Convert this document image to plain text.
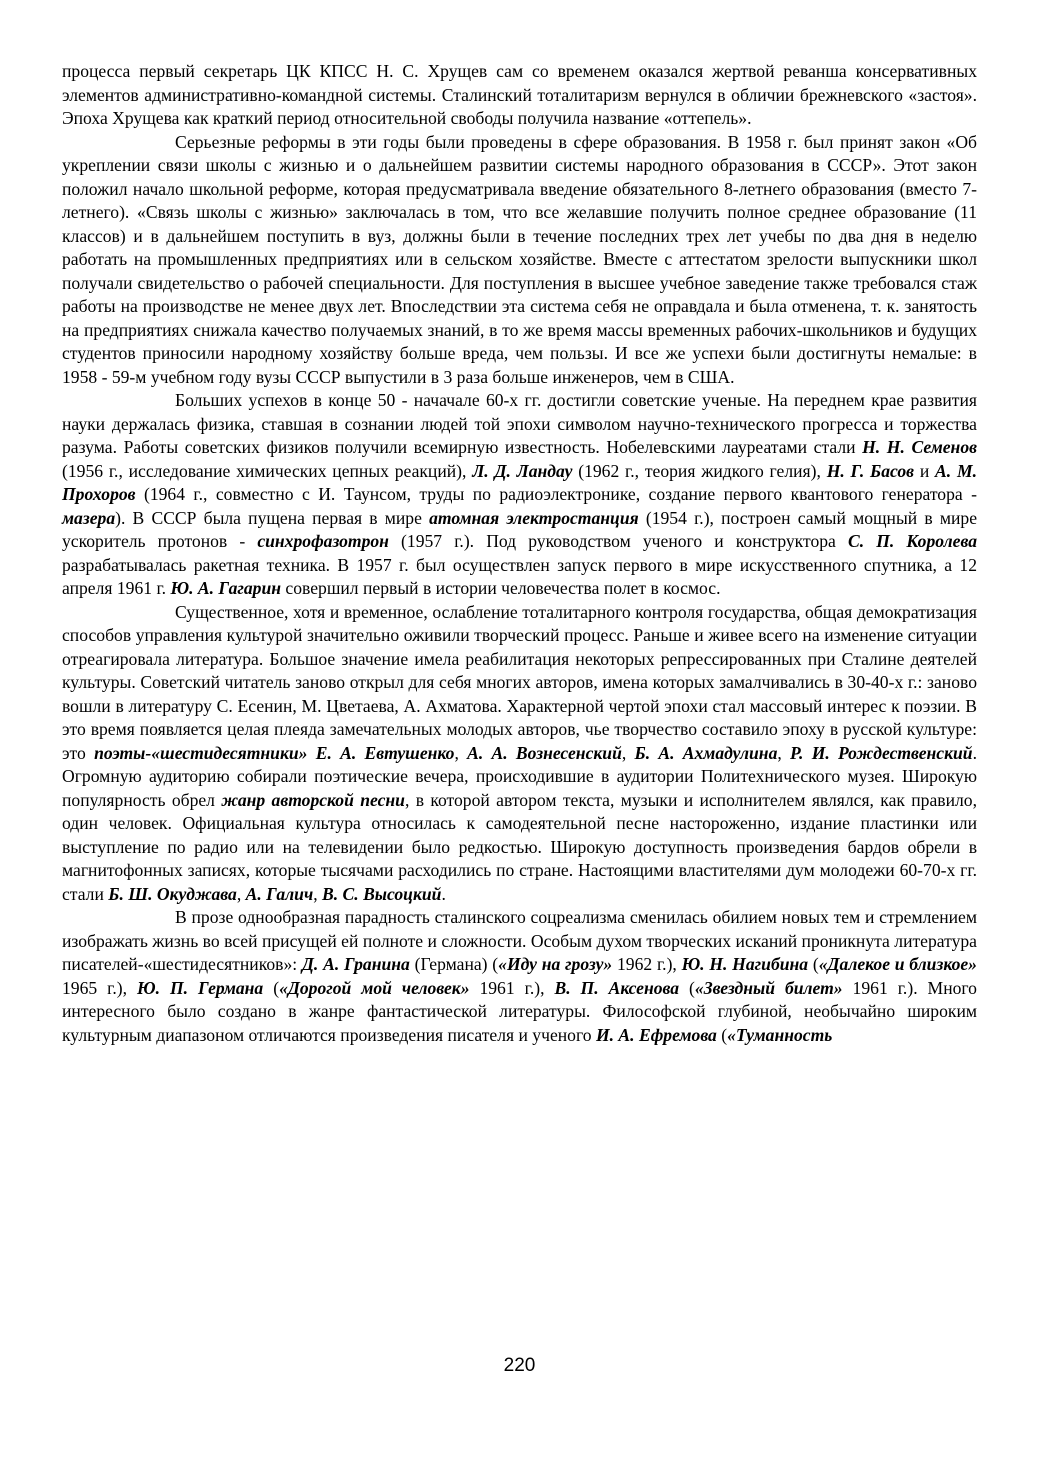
процесса первый секретарь ЦК КПСС Н. С. Хрущев сам со временем оказался жертвой реванша консервативных элементов административно-командной системы. Сталинский тоталитаризм вернулся в обличии брежневского «застоя». Эпоха Хрущева как краткий период относительной свободы получила название «оттепель».

Серьезные реформы в эти годы были проведены в сфере образования. В 1958 г. был принят закон «Об укреплении связи школы с жизнью и о дальнейшем развитии системы народного образования в СССР». Этот закон положил начало школьной реформе, которая предусматривала введение обязательного 8-летнего образования (вместо 7-летнего). «Связь школы с жизнью» заключалась в том, что все желавшие получить полное среднее образование (11 классов) и в дальнейшем поступить в вуз, должны были в течение последних трех лет учебы по два дня в неделю работать на промышленных предприятиях или в сельском хозяйстве. Вместе с аттестатом зрелости выпускники школ получали свидетельство о рабочей специальности. Для поступления в высшее учебное заведение также требовался стаж работы на производстве не менее двух лет. Впоследствии эта система себя не оправдала и была отменена, т. к. занятость на предприятиях снижала качество получаемых знаний, в то же время массы временных рабочих-школьников и будущих студентов приносили народному хозяйству больше вреда, чем пользы. И все же успехи были достигнуты немалые: в 1958 - 59-м учебном году вузы СССР выпустили в 3 раза больше инженеров, чем в США.

Больших успехов в конце 50 - начачале 60-х гг. достигли советские ученые. На переднем крае развития науки держалась физика, ставшая в сознании людей той эпохи символом научно-технического прогресса и торжества разума. Работы советских физиков получили всемирную известность. Нобелевскими лауреатами стали Н. Н. Семенов (1956 г., исследование химических цепных реакций), Л. Д. Ландау (1962 г., теория жидкого гелия), Н. Г. Басов и А. М. Прохоров (1964 г., совместно с И. Таунсом, труды по радиоэлектронике, создание первого квантового генератора - мазера). В СССР была пущена первая в мире атомная электростанция (1954 г.), построен самый мощный в мире ускоритель протонов - синхрофазотрон (1957 г.). Под руководством ученого и конструктора С. П. Королева разрабатывалась ракетная техника. В 1957 г. был осуществлен запуск первого в мире искусственного спутника, а 12 апреля 1961 г. Ю. А. Гагарин совершил первый в истории человечества полет в космос.

Существенное, хотя и временное, ослабление тоталитарного контроля государства, общая демократизация способов управления культурой значительно оживили творческий процесс. Раньше и живее всего на изменение ситуации отреагировала литература. Большое значение имела реабилитация некоторых репрессированных при Сталине деятелей культуры. Советский читатель заново открыл для себя многих авторов, имена которых замалчивались в 30-40-х г.: заново вошли в литературу С. Есенин, М. Цветаева, А. Ахматова. Характерной чертой эпохи стал массовый интерес к поэзии. В это время появляется целая плеяда замечательных молодых авторов, чье творчество составило эпоху в русской культуре: это поэты-«шестидесятники» Е. А. Евтушенко, А. А. Вознесенский, Б. А. Ахмадулина, Р. И. Рождественский. Огромную аудиторию собирали поэтические вечера, происходившие в аудитории Политехнического музея. Широкую популярность обрел жанр авторской песни, в которой автором текста, музыки и исполнителем являлся, как правило, один человек. Официальная культура относилась к самодеятельной песне настороженно, издание пластинки или выступление по радио или на телевидении было редкостью. Широкую доступность произведения бардов обрели в магнитофонных записях, которые тысячами расходились по стране. Настоящими властителями дум молодежи 60-70-х гг. стали Б. Ш. Окуджава, А. Галич, В. С. Высоцкий.

В прозе однообразная парадность сталинского соцреализма сменилась обилием новых тем и стремлением изображать жизнь во всей присущей ей полноте и сложности. Особым духом творческих исканий проникнута литература писателей-«шестидесятников»: Д. А. Гранина (Германа) («Иду на грозу» 1962 г.), Ю. Н. Нагибина («Далекое и близкое» 1965 г.), Ю. П. Германа («Дорогой мой человек» 1961 г.), В. П. Аксенова («Звездный билет» 1961 г.). Много интересного было создано в жанре фантастической литературы. Философской глубиной, необычайно широким культурным диапазоном отличаются произведения писателя и ученого И. А. Ефремова («Туманность

220
